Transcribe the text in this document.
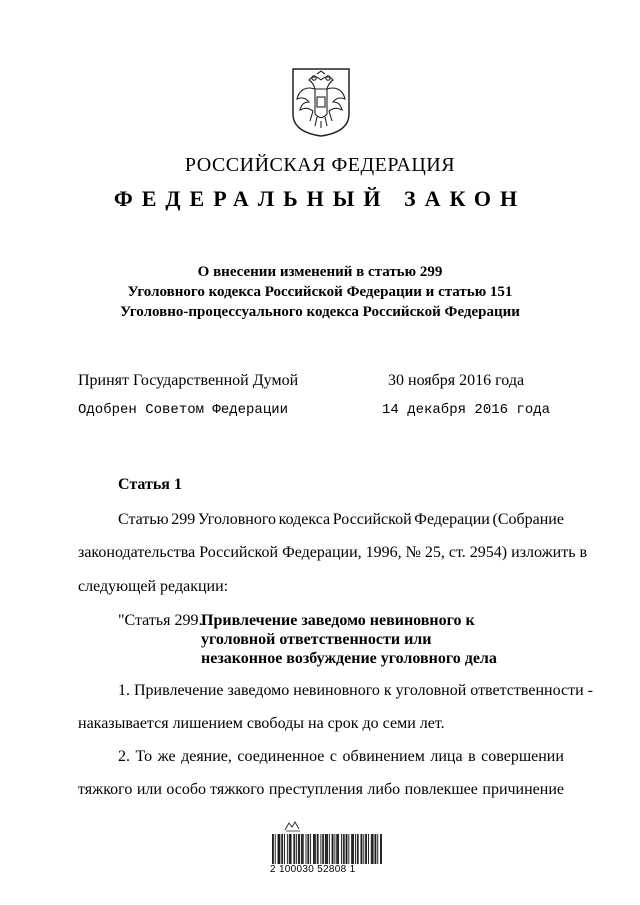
РОССИЙСКАЯ ФЕДЕРАЦИЯ
ФЕДЕРАЛЬНЫЙ ЗАКОН
О внесении изменений в статью 299
Уголовного кодекса Российской Федерации и статью 151
Уголовно-процессуального кодекса Российской Федерации
Принят Государственной Думой	30 ноября 2016 года
Одобрен Советом Федерации	14 декабря 2016 года
Статья 1
Статью 299 Уголовного кодекса Российской Федерации (Собрание
законодательства Российской Федерации, 1996, № 25, ст. 2954) изложить в
следующей редакции:
"Статья 299.
Привлечение заведомо невиновного к
уголовной ответственности или
незаконное возбуждение уголовного дела
1. Привлечение заведомо невиновного к уголовной ответственности -
наказывается лишением свободы на срок до семи лет.
2. То же деяние, соединенное с обвинением лица в совершении
тяжкого или особо тяжкого преступления либо повлекшее причинение
2 100030 52808 1
